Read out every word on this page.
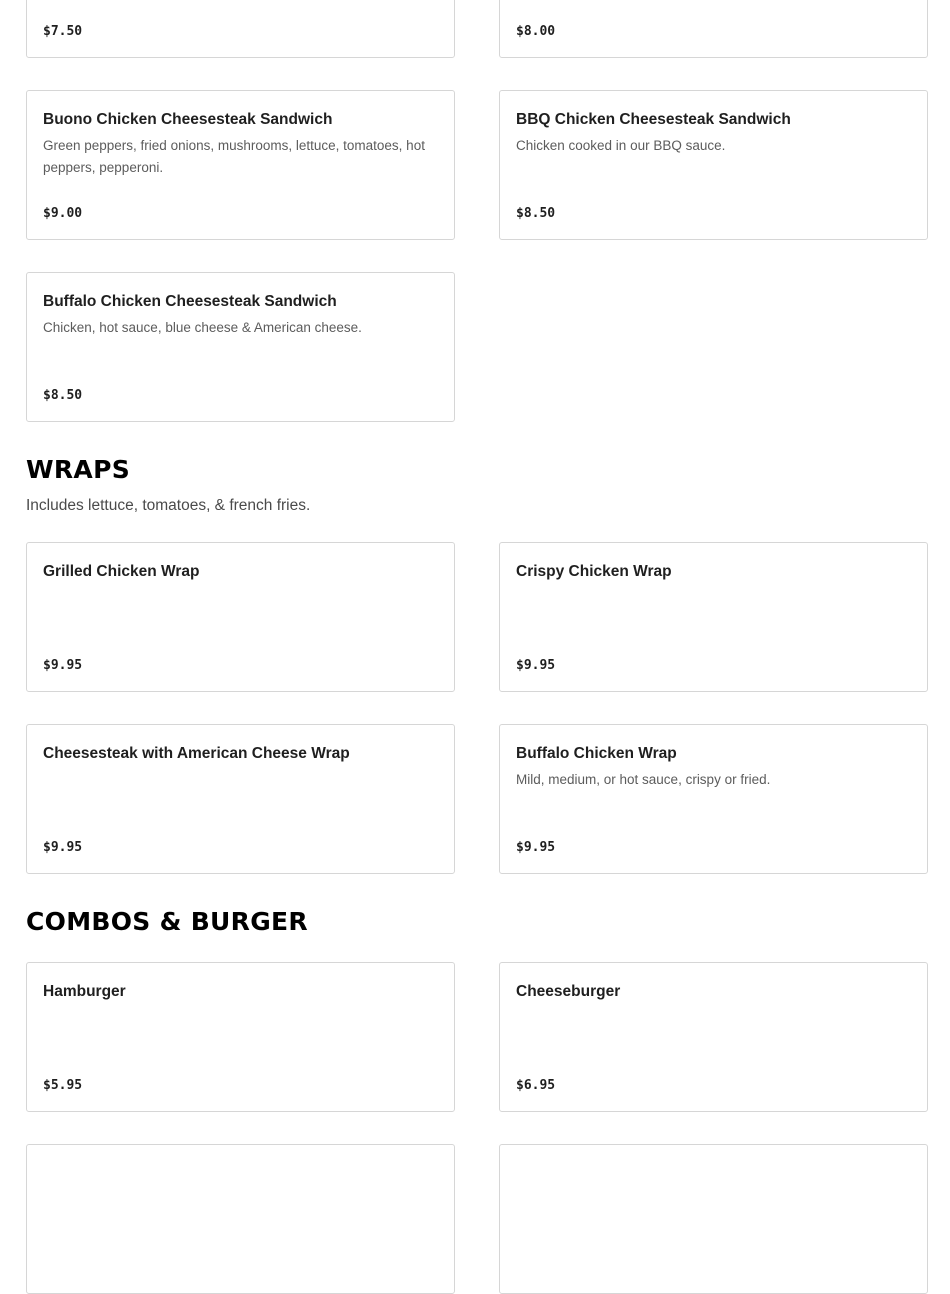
$7.50	$8.00
Buono Chicken Cheesesteak Sandwich
Green peppers, fried onions, mushrooms, lettuce, tomatoes, hot peppers, pepperoni.
$9.00
BBQ Chicken Cheesesteak Sandwich
Chicken cooked in our BBQ sauce.
$8.50
Buffalo Chicken Cheesesteak Sandwich
Chicken, hot sauce, blue cheese & American cheese.
$8.50
WRAPS
Includes lettuce, tomatoes, & french fries.
Grilled Chicken Wrap
$9.95
Crispy Chicken Wrap
$9.95
Cheesesteak with American Cheese Wrap
$9.95
Buffalo Chicken Wrap
Mild, medium, or hot sauce, crispy or fried.
$9.95
COMBOS & BURGER
Hamburger
$5.95
Cheeseburger
$6.95
